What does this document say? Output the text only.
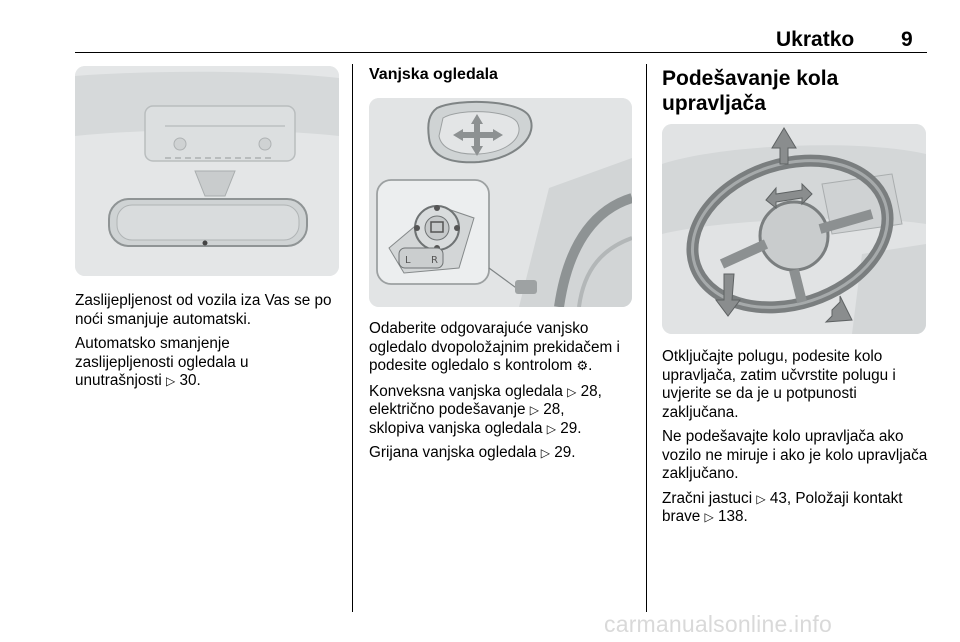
Ukratko 9

Zaslijepljenost od vozila iza Vas se po noći smanjuje automatski.

Automatsko smanjenje
zaslijepljenosti ogledala u
unutrašnjosti ▷ 30.

Vanjska ogledala

L R

Odaberite odgovarajuće vanjsko
ogledalo dvopoložajnim prekidačem i
podesite ogledalo s kontrolom ⚙.

Konveksna vanjska ogledala ▷ 28,
električno podešavanje ▷ 28,
sklopiva vanjska ogledala ▷ 29.

Grijana vanjska ogledala ▷ 29.

Podešavanje kola
upravljača

Otključajte polugu, podesite kolo upravljača, zatim učvrstite polugu i uvjerite se da je u potpunosti zaključana.

Ne podešavajte kolo upravljača ako vozilo ne miruje i ako je kolo upravljača zaključano.

Zračni jastuci ▷ 43, Položaji kontakt
brave ▷ 138.

carmanualsonline.info
